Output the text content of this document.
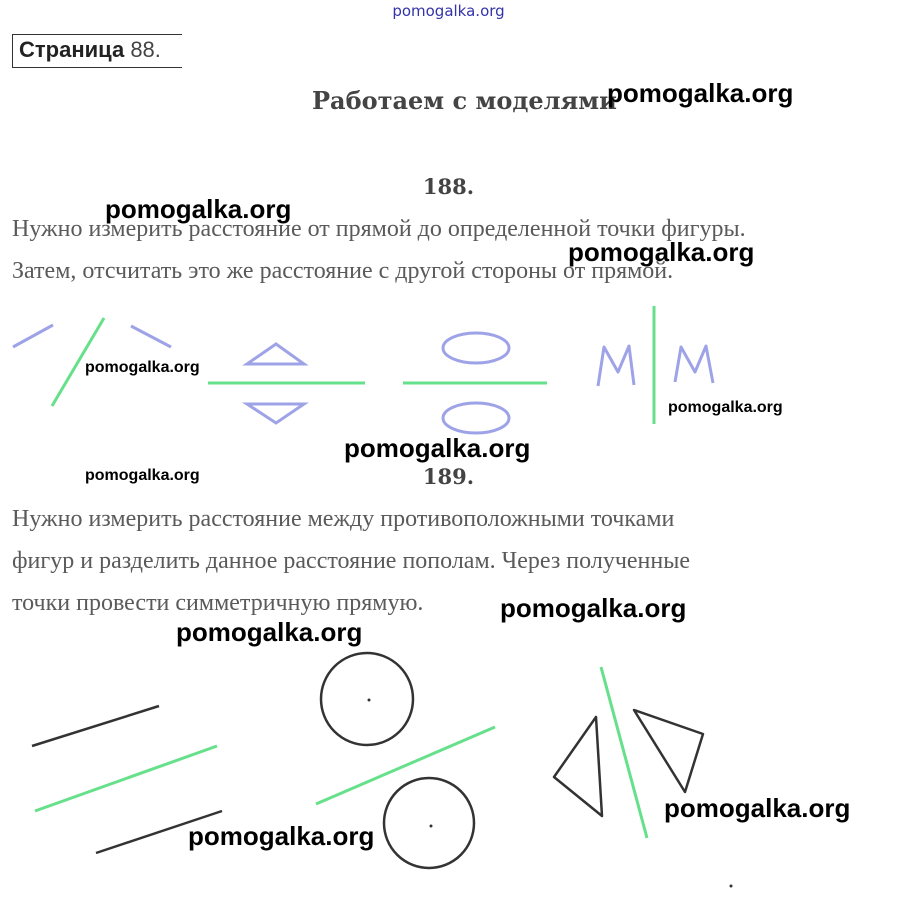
pomogalka.org
Страница 88.
Работаем с моделями
188.
Нужно измерить расстояние от прямой до определенной точки фигуры.
Затем, отсчитать это же расстояние с другой стороны от прямой.
189.
Нужно измерить расстояние между противоположными точками
фигур и разделить данное расстояние пополам. Через полученные
точки провести симметричную прямую.
pomogalka.org
pomogalka.org
pomogalka.org
pomogalka.org
pomogalka.org
pomogalka.org
pomogalka.org
pomogalka.org
pomogalka.org
pomogalka.org
pomogalka.org
